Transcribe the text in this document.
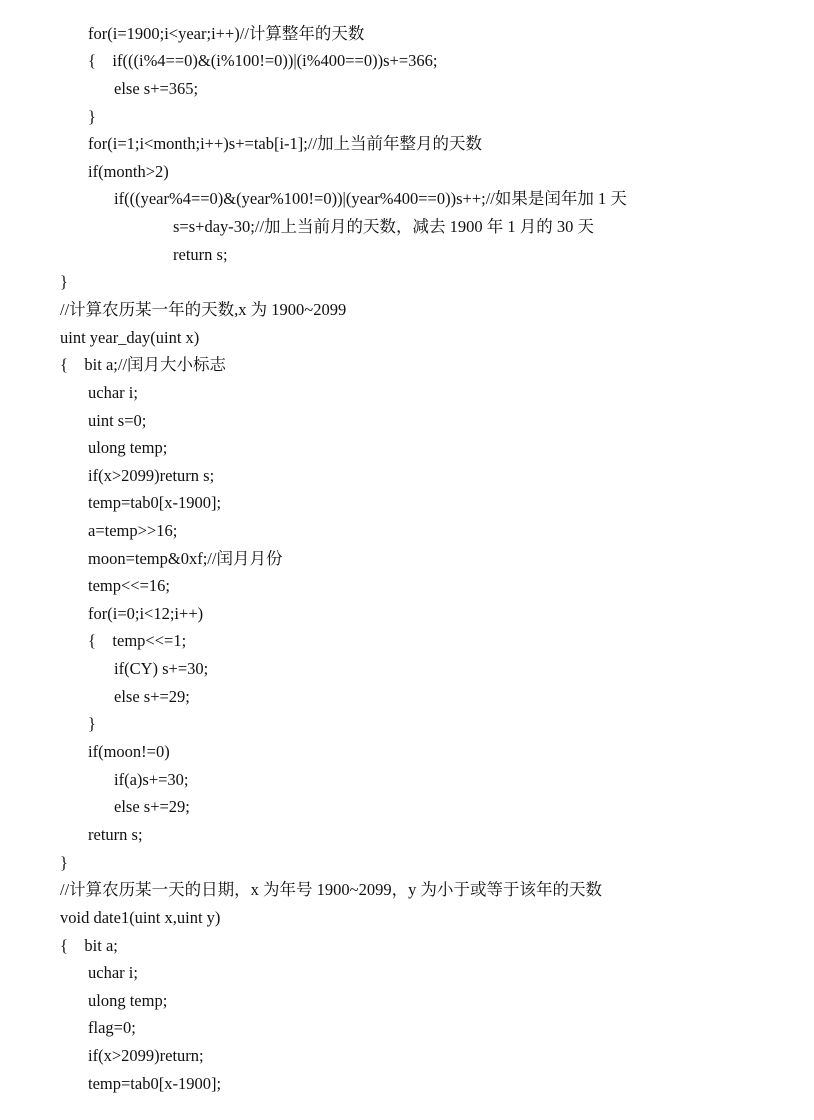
for(i=1900;i<year;i++)//计算整年的天数
{    if(((i%4==0)&(i%100!=0))|(i%400==0))s+=366;
else s+=365;
}
for(i=1;i<month;i++)s+=tab[i-1];//加上当前年整月的天数
if(month>2)
if(((year%4==0)&(year%100!=0))|(year%400==0))s++;//如果是闰年加 1 天
s=s+day-30;//加上当前月的天数，减去 1900 年 1 月的 30 天
return s;
}
//计算农历某一年的天数,x 为 1900~2099
uint year_day(uint x)
{    bit a;//闰月大小标志
uchar i;
uint s=0;
ulong temp;
if(x>2099)return s;
temp=tab0[x-1900];
a=temp>>16;
moon=temp&0xf;//闰月月份
temp<<=16;
for(i=0;i<12;i++)
{    temp<<=1;
if(CY) s+=30;
else s+=29;
}
if(moon!=0)
if(a)s+=30;
else s+=29;
return s;
}
//计算农历某一天的日期，x 为年号 1900~2099，y 为小于或等于该年的天数
void date1(uint x,uint y)
{    bit a;
uchar i;
ulong temp;
flag=0;
if(x>2099)return;
temp=tab0[x-1900];
